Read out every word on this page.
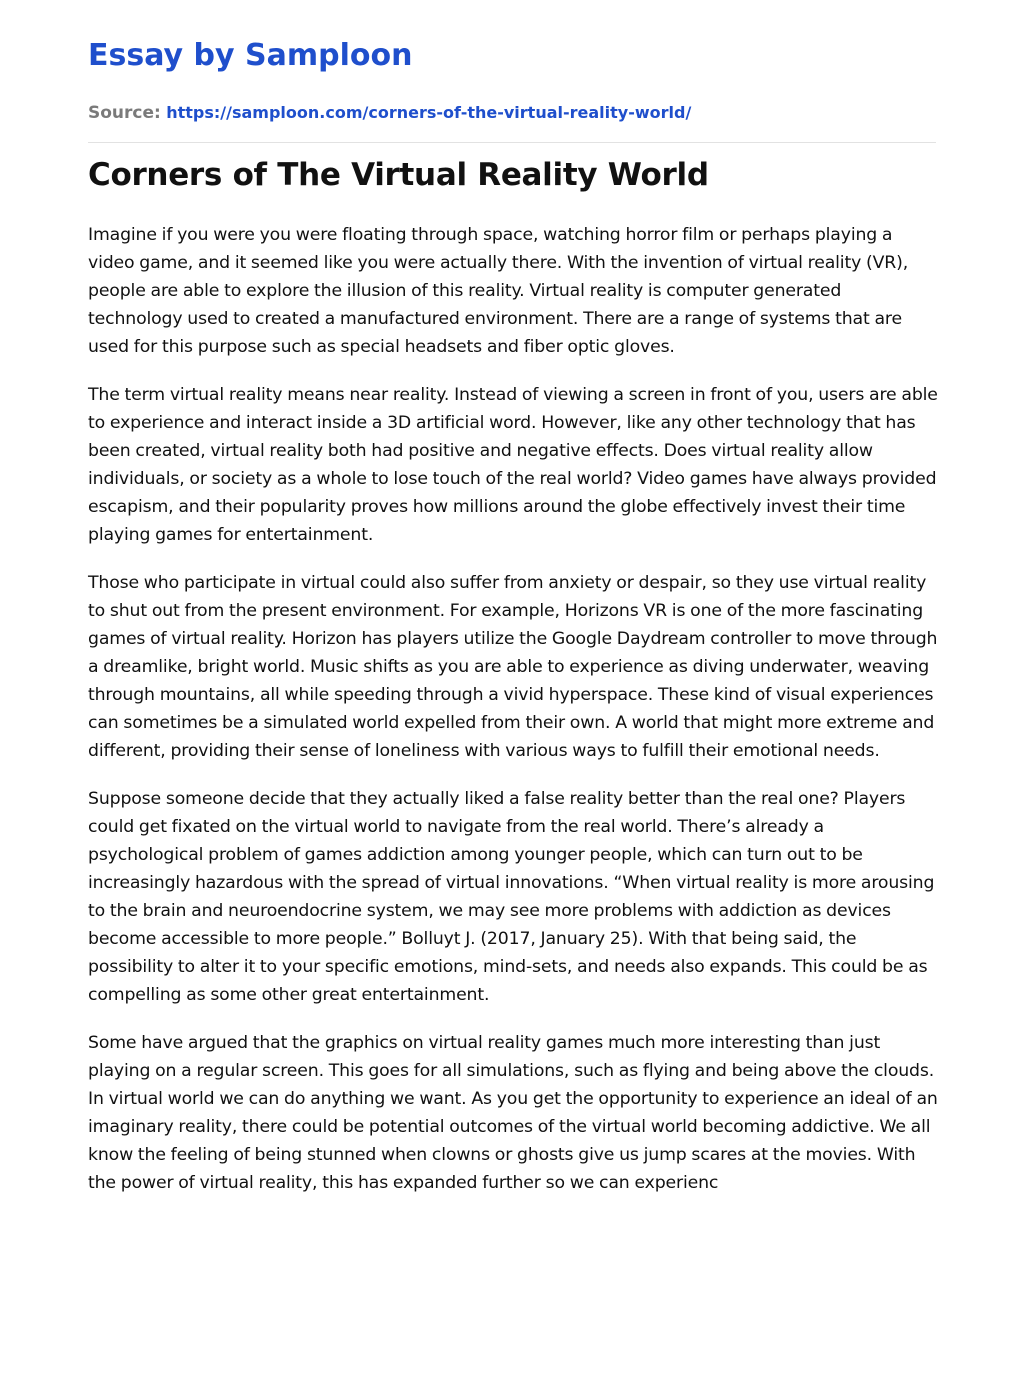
Essay by Samploon
Source: https://samploon.com/corners-of-the-virtual-reality-world/
Corners of The Virtual Reality World

Imagine if you were you were floating through space, watching horror film or perhaps playing a video game, and it seemed like you were actually there. With the invention of virtual reality (VR), people are able to explore the illusion of this reality. Virtual reality is computer generated technology used to created a manufactured environment. There are a range of systems that are used for this purpose such as special headsets and fiber optic gloves.

The term virtual reality means near reality. Instead of viewing a screen in front of you, users are able to experience and interact inside a 3D artificial word. However, like any other technology that has been created, virtual reality both had positive and negative effects. Does virtual reality allow individuals, or society as a whole to lose touch of the real world? Video games have always provided escapism, and their popularity proves how millions around the globe effectively invest their time playing games for entertainment.

Those who participate in virtual could also suffer from anxiety or despair, so they use virtual reality to shut out from the present environment. For example, Horizons VR is one of the more fascinating games of virtual reality. Horizon has players utilize the Google Daydream controller to move through a dreamlike, bright world. Music shifts as you are able to experience as diving underwater, weaving through mountains, all while speeding through a vivid hyperspace. These kind of visual experiences can sometimes be a simulated world expelled from their own. A world that might more extreme and different, providing their sense of loneliness with various ways to fulfill their emotional needs.

Suppose someone decide that they actually liked a false reality better than the real one? Players could get fixated on the virtual world to navigate from the real world. There’s already a psychological problem of games addiction among younger people, which can turn out to be increasingly hazardous with the spread of virtual innovations. “When virtual reality is more arousing to the brain and neuroendocrine system, we may see more problems with addiction as devices become accessible to more people.” Bolluyt J. (2017, January 25). With that being said, the possibility to alter it to your specific emotions, mind-sets, and needs also expands. This could be as compelling as some other great entertainment.

Some have argued that the graphics on virtual reality games much more interesting than just playing on a regular screen. This goes for all simulations, such as flying and being above the clouds. In virtual world we can do anything we want. As you get the opportunity to experience an ideal of an imaginary reality, there could be potential outcomes of the virtual world becoming addictive. We all know the feeling of being stunned when clowns or ghosts give us jump scares at the movies. With the power of virtual reality, this has expanded further so we can experienc
